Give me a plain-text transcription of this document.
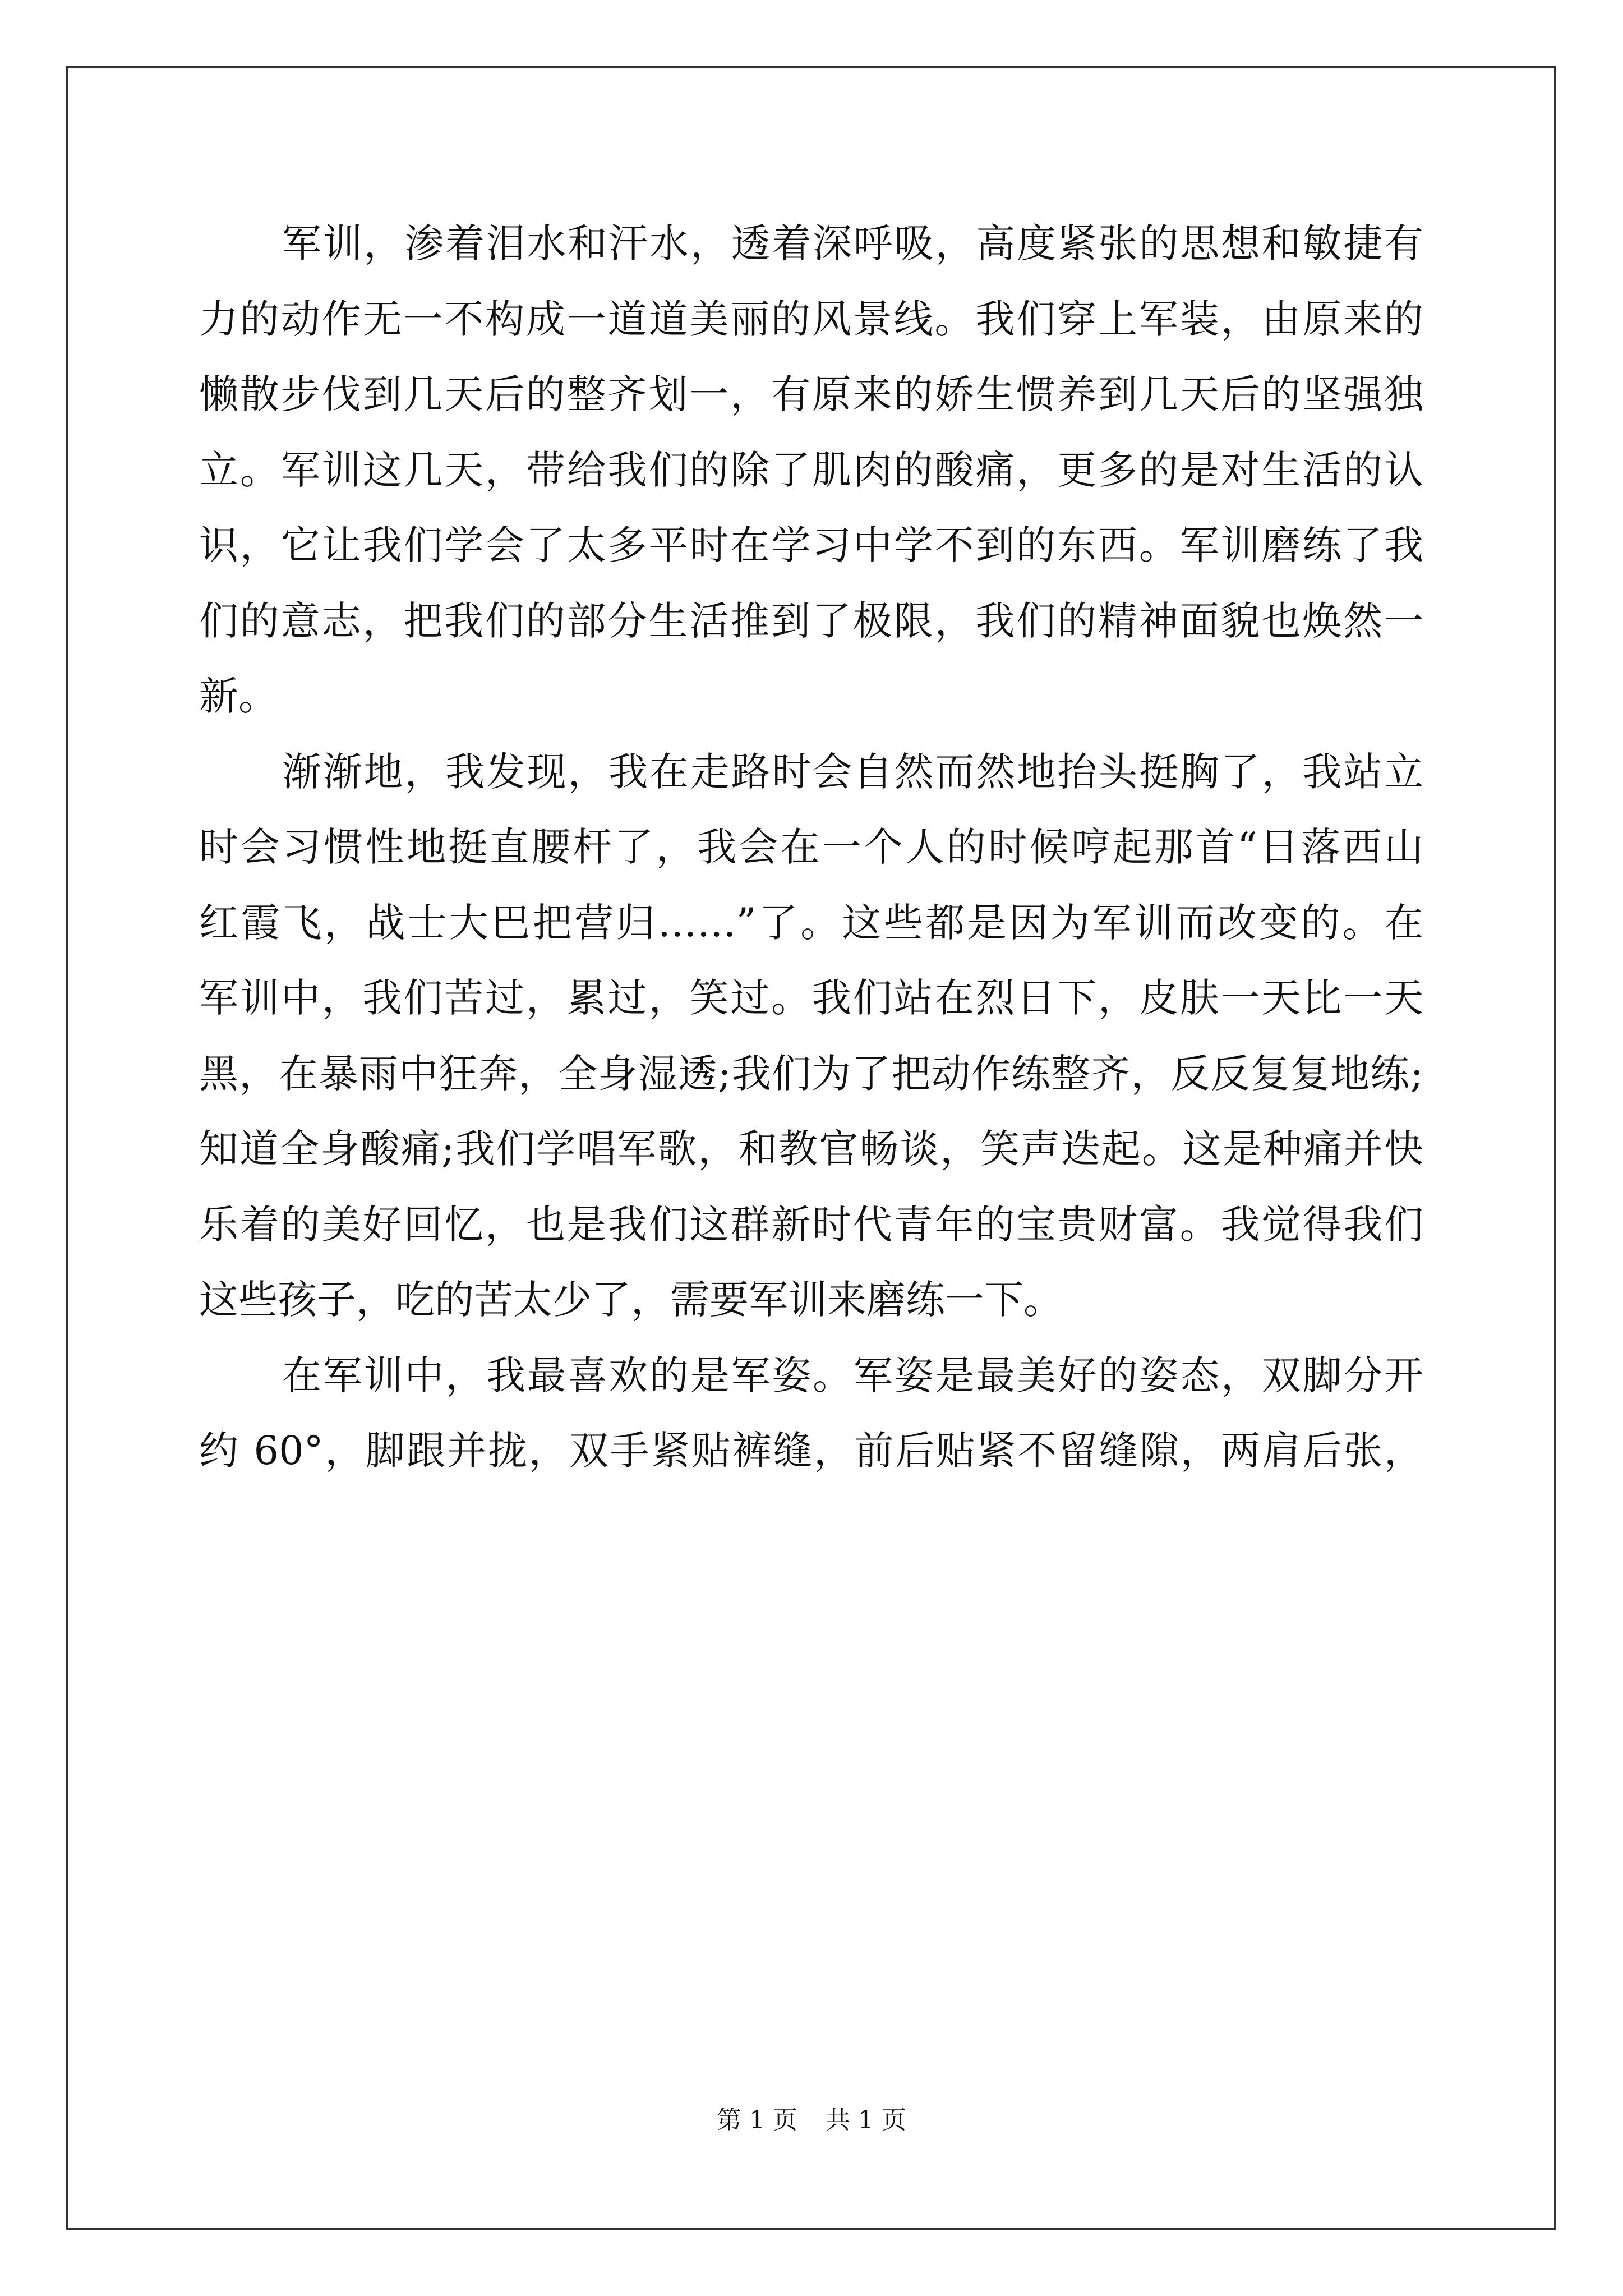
军训，渗着泪水和汗水，透着深呼吸，高度紧张的思想和敏捷有
力的动作无一不构成一道道美丽的风景线。我们穿上军装，由原来的
懒散步伐到几天后的整齐划一，有原来的娇生惯养到几天后的坚强独
立。军训这几天，带给我们的除了肌肉的酸痛，更多的是对生活的认
识，它让我们学会了太多平时在学习中学不到的东西。军训磨练了我
们的意志，把我们的部分生活推到了极限，我们的精神面貌也焕然一
新。
渐渐地，我发现，我在走路时会自然而然地抬头挺胸了，我站立
时会习惯性地挺直腰杆了，我会在一个人的时候哼起那首“日落西山
红霞飞，战士大巴把营归……”了。这些都是因为军训而改变的。在
军训中，我们苦过，累过，笑过。我们站在烈日下，皮肤一天比一天
黑，在暴雨中狂奔，全身湿透;我们为了把动作练整齐，反反复复地练;
知道全身酸痛;我们学唱军歌，和教官畅谈，笑声迭起。这是种痛并快
乐着的美好回忆，也是我们这群新时代青年的宝贵财富。我觉得我们
这些孩子，吃的苦太少了，需要军训来磨练一下。
在军训中，我最喜欢的是军姿。军姿是最美好的姿态，双脚分开
约 60°，脚跟并拢，双手紧贴裤缝，前后贴紧不留缝隙，两肩后张，
第 1 页 共 1 页
